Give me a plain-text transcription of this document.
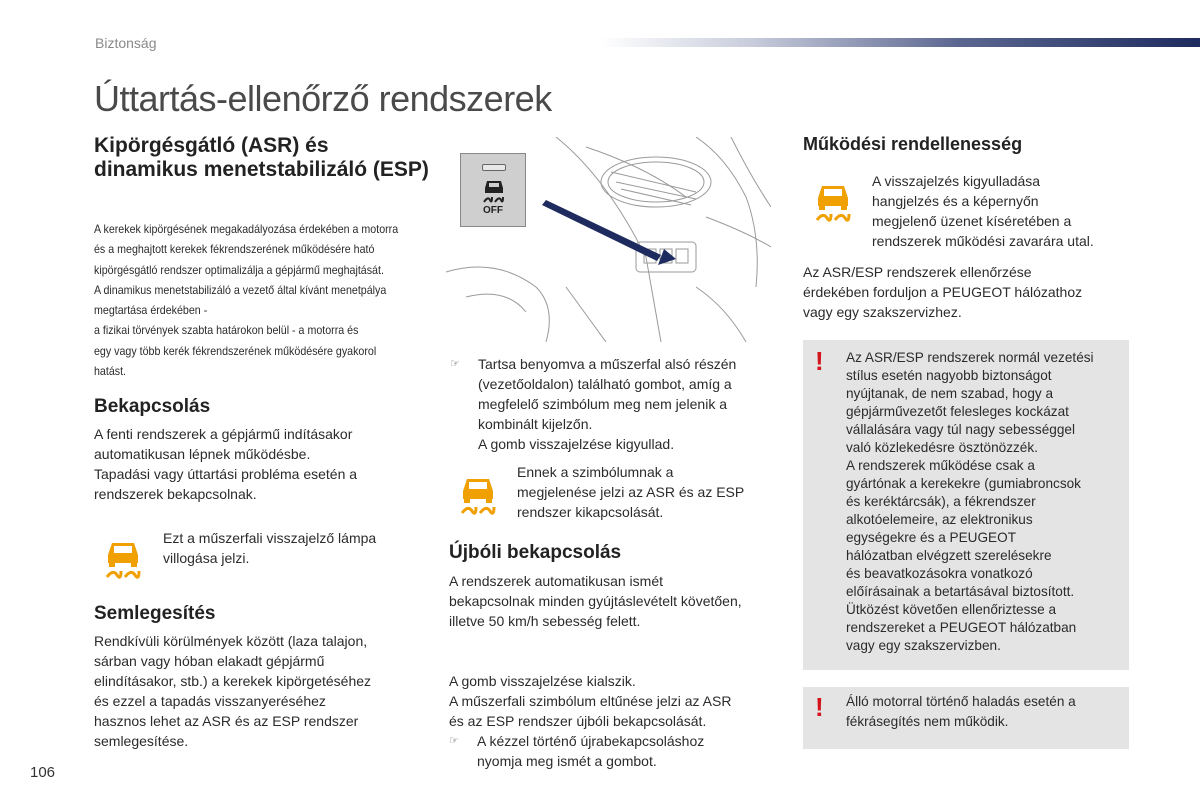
Biztonság
Úttartás-ellenőrző rendszerek
Kipörgésgátló (ASR) és dinamikus menetstabilizáló (ESP)

A kerekek kipörgésének megakadályozása érdekében a motorra

és a meghajtott kerekek fékrendszerének működésére ható

kipörgésgátló rendszer optimalizálja a gépjármű meghajtását.

A dinamikus menetstabilizáló a vezető által kívánt menetpálya

megtartása érdekében -

a fizikai törvények szabta határokon belül - a motorra és

egy vagy több kerék fékrendszerének működésére gyakorol

hatást.

Bekapcsolás

A fenti rendszerek a gépjármű indításakor

automatikusan lépnek működésbe.

Tapadási vagy úttartási probléma esetén a

rendszerek bekapcsolnak.

Ezt a műszerfali visszajelző lámpa

villogása jelzi.

Semlegesítés

Rendkívüli körülmények között (laza talajon,

sárban vagy hóban elakadt gépjármű

elindításakor, stb.) a kerekek kipörgetéséhez

és ezzel a tapadás visszanyeréséhez

hasznos lehet az ASR és az ESP rendszer

semlegesítése.

OFF
☞ Tartsa benyomva a műszerfal alsó részén

(vezetőoldalon) található gombot, amíg a

megfelelő szimbólum meg nem jelenik a

kombinált kijelzőn.

A gomb visszajelzése kigyullad.

Ennek a szimbólumnak a

megjelenése jelzi az ASR és az ESP

rendszer kikapcsolását.

Újbóli bekapcsolás

A rendszerek automatikusan ismét

bekapcsolnak minden gyújtáslevételt követően,

illetve 50 km/h sebesség felett.

☞ A kézzel történő újrabekapcsoláshoz

nyomja meg ismét a gombot.

A gomb visszajelzése kialszik.

A műszerfali szimbólum eltűnése jelzi az ASR

és az ESP rendszer újbóli bekapcsolását.

Működési rendellenesség

A visszajelzés kigyulladása

hangjelzés és a képernyőn

megjelenő üzenet kíséretében a

rendszerek működési zavarára utal.

Az ASR/ESP rendszerek ellenőrzése

érdekében forduljon a PEUGEOT hálózathoz

vagy egy szakszervizhez.

! Az ASR/ESP rendszerek normál vezetési

stílus esetén nagyobb biztonságot

nyújtanak, de nem szabad, hogy a

gépjárművezetőt felesleges kockázat

vállalására vagy túl nagy sebességgel

való közlekedésre ösztönözzék.

A rendszerek működése csak a

gyártónak a kerekekre (gumiabroncsok

és keréktárcsák), a fékrendszer

alkotóelemeire, az elektronikus

egységekre és a PEUGEOT

hálózatban elvégzett szerelésekre

és beavatkozásokra vonatkozó

előírásainak a betartásával biztosított.

Ütközést követően ellenőriztesse a

rendszereket a PEUGEOT hálózatban

vagy egy szakszervizben.

! Álló motorral történő haladás esetén a

fékrásegítés nem működik.

106
